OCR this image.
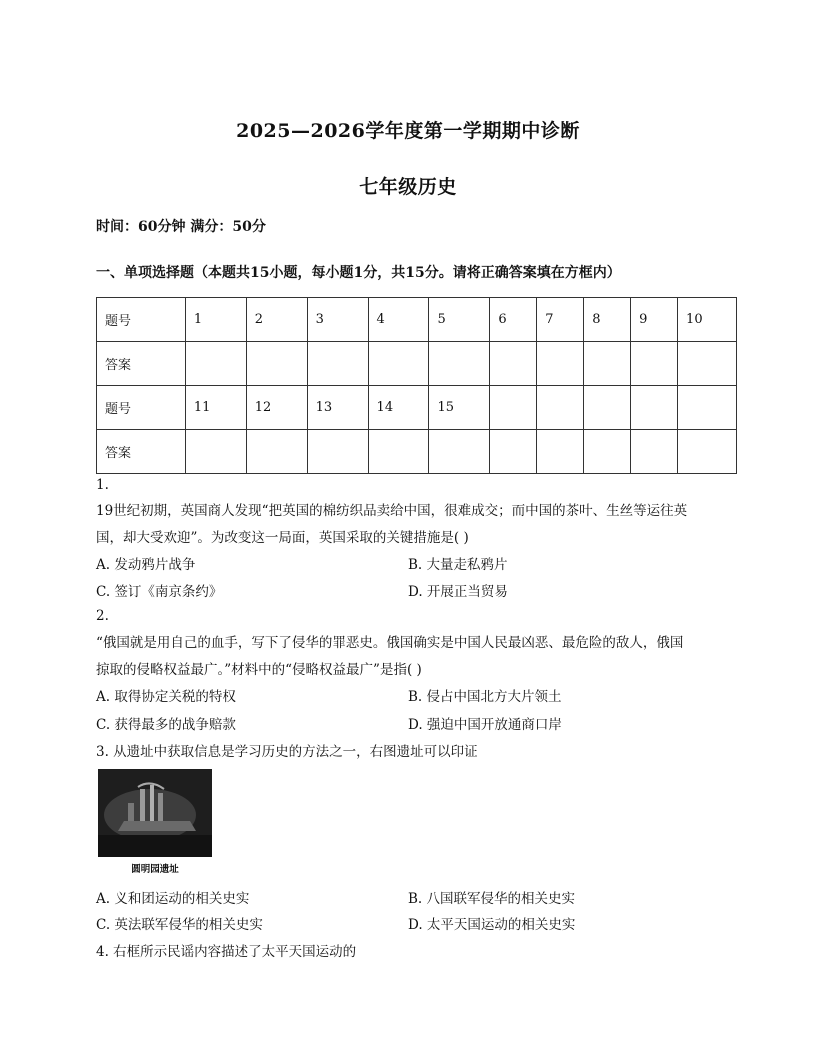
2025—2026学年度第一学期期中诊断
七年级历史
时间：60分钟 满分：50分
一、单项选择题（本题共15小题，每小题1分，共15分。请将正确答案填在方框内）
题号	1	2	3	4	5	6	7	8	9	10
答案										
题号	11	12	13	14	15					
答案										
1.
19世纪初期，英国商人发现“把英国的棉纺织品卖给中国，很难成交；而中国的茶叶、生丝等运往英
国，却大受欢迎”。为改变这一局面，英国采取的关键措施是( )
A. 发动鸦片战争	B. 大量走私鸦片
C. 签订《南京条约》	D. 开展正当贸易
2.
“俄国就是用自己的血手，写下了侵华的罪恶史。俄国确实是中国人民最凶恶、最危险的敌人，俄国
掠取的侵略权益最广。”材料中的“侵略权益最广”是指( )
A. 取得协定关税的特权	B. 侵占中国北方大片领土
C. 获得最多的战争赔款	D. 强迫中国开放通商口岸
3. 从遗址中获取信息是学习历史的方法之一，右图遗址可以印证
圆明园遗址
A. 义和团运动的相关史实	B. 八国联军侵华的相关史实
C. 英法联军侵华的相关史实	D. 太平天国运动的相关史实
4. 右框所示民谣内容描述了太平天国运动的
